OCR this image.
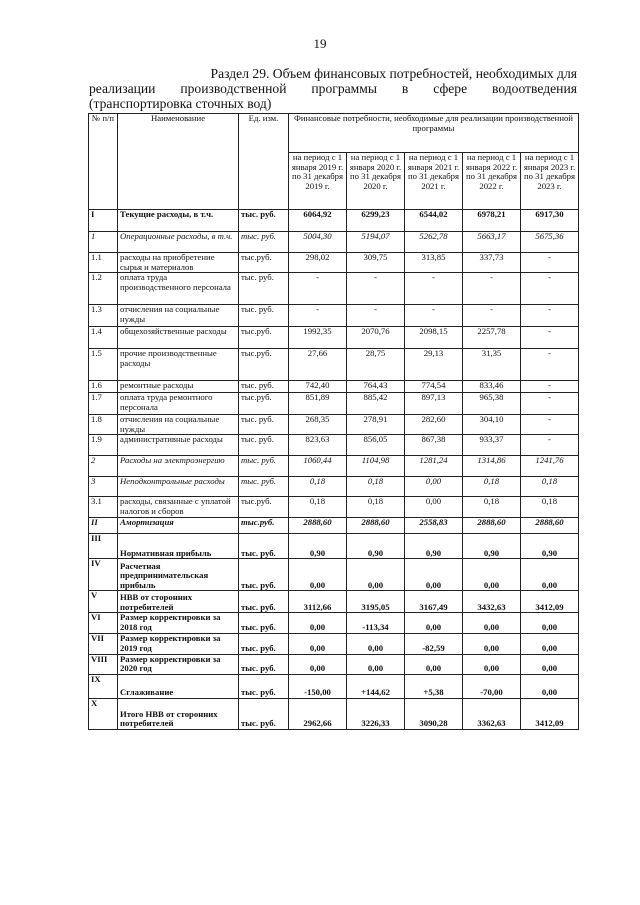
19
Раздел 29. Объем финансовых потребностей, необходимых для
реализации производственной программы в сфере водоотведения
(транспортировка сточных вод)
№ п/п	Наименование	Ед. изм.	Финансовые потребности, необходимые для реализации производственной программы				
			на период с 1 января 2019 г. по 31 декабря 2019 г.	на период с 1 января 2020 г. по 31 декабря 2020 г.	на период с 1 января 2021 г. по 31 декабря 2021 г.	на период с 1 января 2022 г. по 31 декабря 2022 г.	на период с 1 января 2023 г. по 31 декабря 2023 г.
I	Текущие расходы, в т.ч.	тыс. руб.	6064,92	6299,23	6544,02	6978,21	6917,30
1	Операционные расходы, в т.ч.	тыс. руб.	5004,30	5194,07	5262,78	5663,17	5675,36
1.1	расходы на приобретение сырья и материалов	тыс.руб.	298,02	309,75	313,85	337,73	-
1.2	оплата труда производственного персонала	тыс. руб.	-	-	-	-	-
1.3	отчисления на социальные нужды	тыс. руб.	-	-	-	-	-
1.4	общехозяйственные расходы	тыс.руб.	1992,35	2070,76	2098,15	2257,78	-
1.5	прочие производственные расходы	тыс.руб.	27,66	28,75	29,13	31,35	-
1.6	ремонтные расходы	тыс. руб.	742,40	764,43	774,54	833,46	-
1.7	оплата труда ремонтного персонала	тыс.руб.	851,89	885,42	897,13	965,38	-
1.8	отчисления на социальные нужды	тыс. руб.	268,35	278,91	282,60	304,10	-
1.9	административные расходы	тыс. руб.	823,63	856,05	867,38	933,37	-
2	Расходы на электроэнергию	тыс. руб.	1060,44	1104,98	1281,24	1314,86	1241,76
3	Неподконтрольные расходы	тыс. руб.	0,18	0,18	0,00	0,18	0,18
3.1	расходы, связанные с уплатой налогов и сборов	тыс.руб.	0,18	0,18	0,00	0,18	0,18
II	Амортизация	тыс.руб.	2888,60	2888,60	2558,83	2888,60	2888,60
III	Нормативная прибыль	тыс. руб.	0,90	0,90	0,90	0,90	0,90
IV	Расчетная предпринимательская прибыль	тыс. руб.	0,00	0,00	0,00	0,00	0,00
V	НВВ от сторонних потребителей	тыс. руб.	3112,66	3195,05	3167,49	3432,63	3412,09
VI	Размер корректировки за 2018 год	тыс. руб.	0,00	-113,34	0,00	0,00	0,00
VII	Размер корректировки за 2019 год	тыс. руб.	0,00	0,00	-82,59	0,00	0,00
VIII	Размер корректировки за 2020 год	тыс. руб.	0,00	0,00	0,00	0,00	0,00
IX	Сглаживание	тыс. руб.	-150,00	+144,62	+5,38	-70,00	0,00
X	Итого НВВ от сторонних потребителей	тыс. руб.	2962,66	3226,33	3090,28	3362,63	3412,09
